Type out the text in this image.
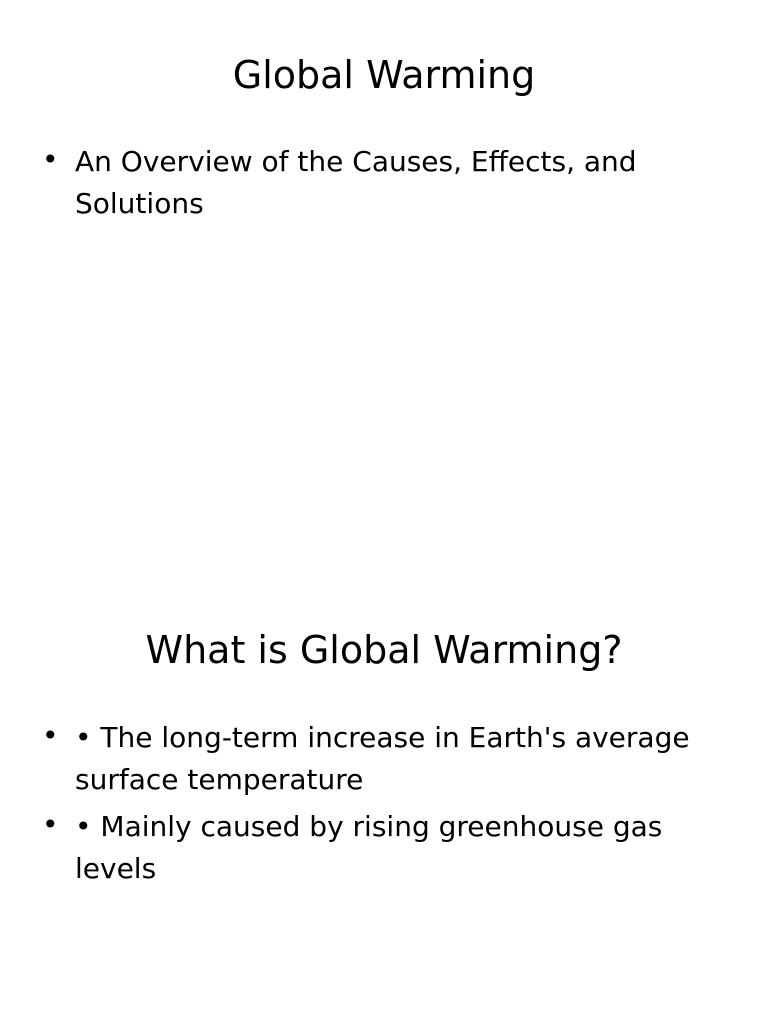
Global Warming
• An Overview of the Causes, Effects, and Solutions
What is Global Warming?
• • The long-term increase in Earth's average surface temperature
• • Mainly caused by rising greenhouse gas levels
